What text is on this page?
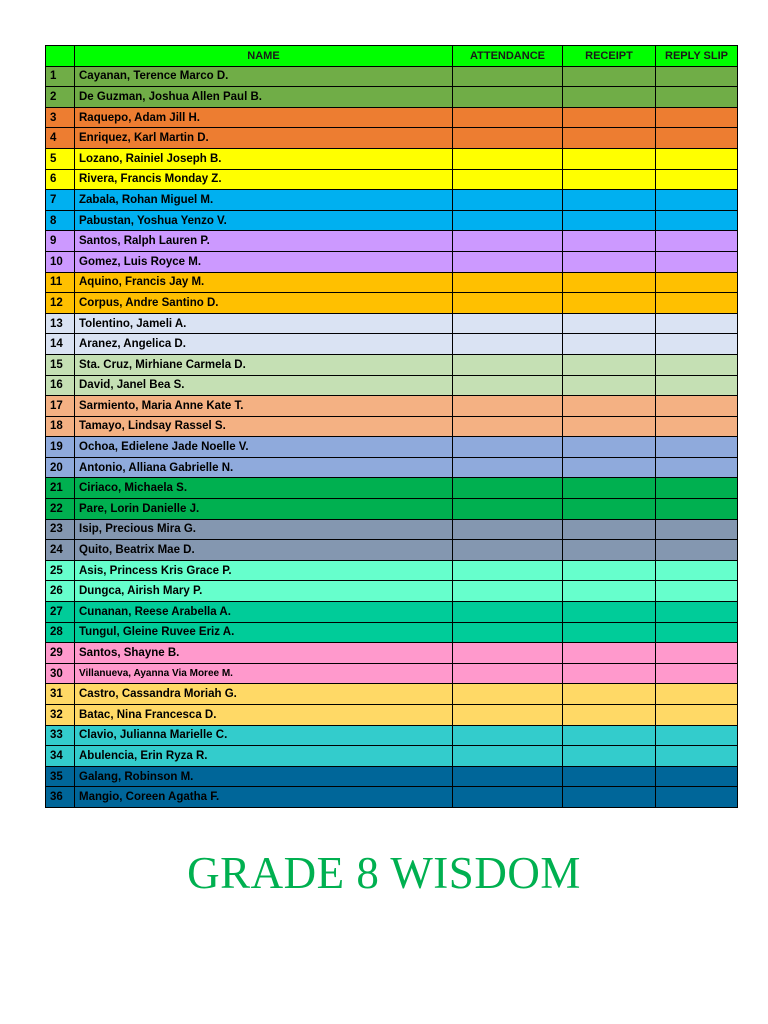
	NAME	ATTENDANCE	RECEIPT	REPLY SLIP
1	Cayanan, Terence Marco D.			
2	De Guzman, Joshua Allen Paul B.			
3	Raquepo, Adam Jill H.			
4	Enriquez, Karl Martin D.			
5	Lozano, Rainiel Joseph B.			
6	Rivera, Francis Monday Z.			
7	Zabala, Rohan Miguel M.			
8	Pabustan, Yoshua Yenzo V.			
9	Santos, Ralph Lauren P.			
10	Gomez, Luis Royce M.			
11	Aquino, Francis Jay M.			
12	Corpus, Andre Santino D.			
13	Tolentino, Jameli A.			
14	Aranez, Angelica D.			
15	Sta. Cruz, Mirhiane Carmela D.			
16	David, Janel Bea S.			
17	Sarmiento, Maria Anne Kate T.			
18	Tamayo, Lindsay Rassel S.			
19	Ochoa, Edielene Jade Noelle V.			
20	Antonio, Alliana Gabrielle N.			
21	Ciriaco, Michaela S.			
22	Pare, Lorin Danielle J.			
23	Isip, Precious Mira G.			
24	Quito, Beatrix Mae D.			
25	Asis, Princess Kris Grace P.			
26	Dungca, Airish Mary P.			
27	Cunanan, Reese Arabella A.			
28	Tungul, Gleine Ruvee Eriz A.			
29	Santos, Shayne B.			
30	Villanueva, Ayanna Via Moree M.			
31	Castro, Cassandra Moriah G.			
32	Batac, Nina Francesca D.			
33	Clavio, Julianna Marielle C.			
34	Abulencia, Erin Ryza R.			
35	Galang, Robinson M.			
36	Mangio, Coreen Agatha F.			
GRADE 8 WISDOM
